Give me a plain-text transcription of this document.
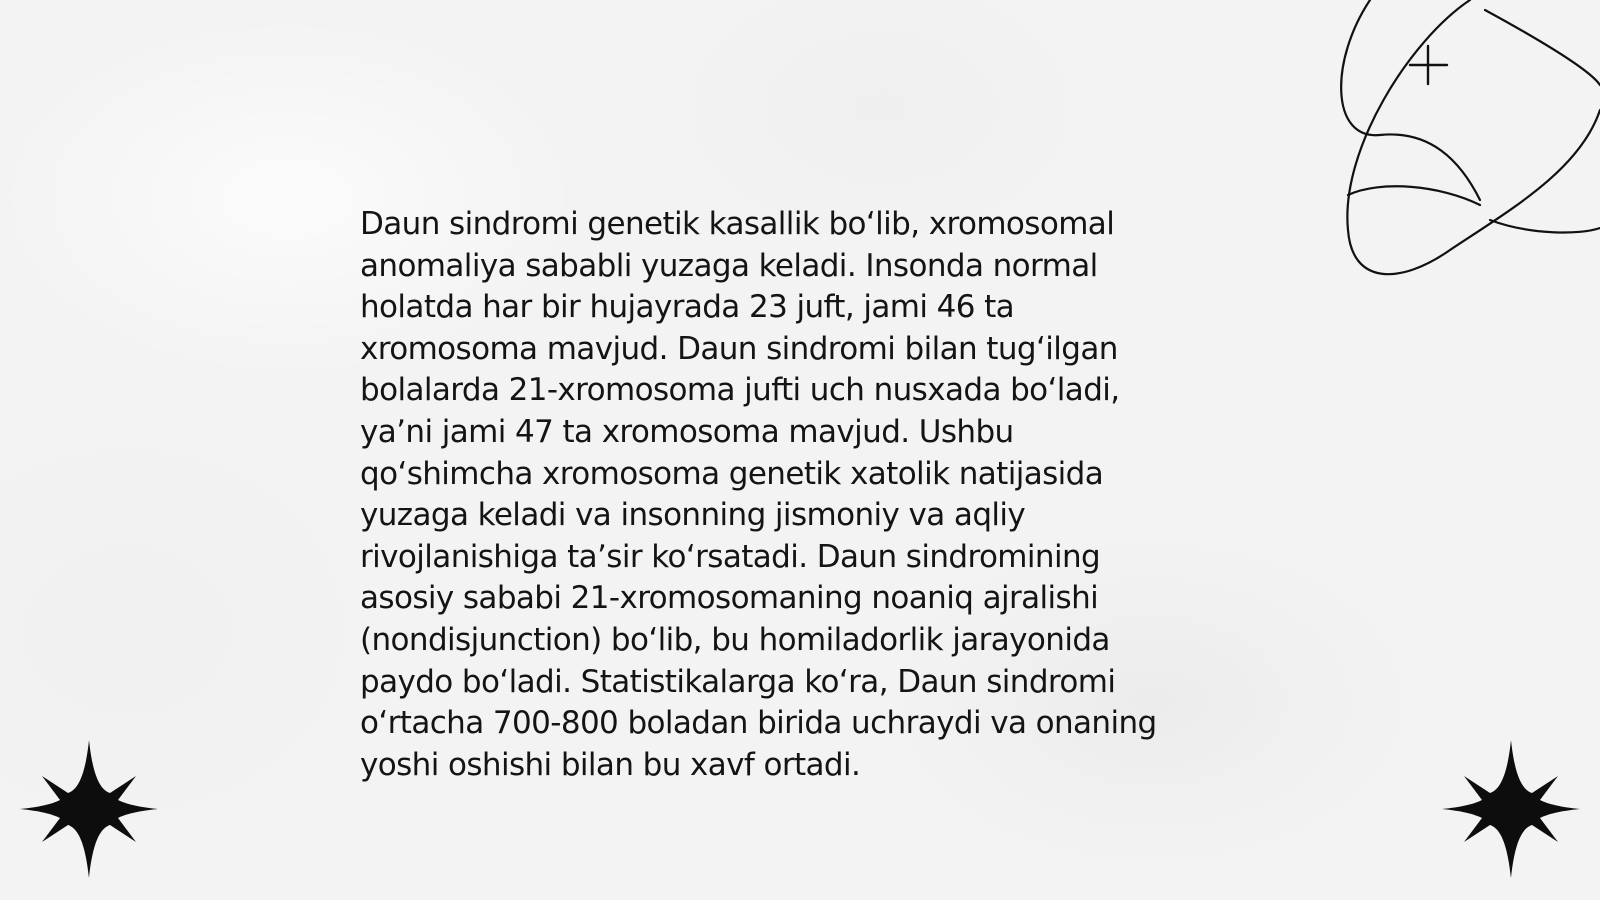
Daun sindromi genetik kasallik boʻlib, xromosomal
anomaliya sababli yuzaga keladi. Insonda normal
holatda har bir hujayrada 23 juft, jami 46 ta
xromosoma mavjud. Daun sindromi bilan tugʻilgan
bolalarda 21-xromosoma jufti uch nusxada boʻladi,
yaʼni jami 47 ta xromosoma mavjud. Ushbu
qoʻshimcha xromosoma genetik xatolik natijasida
yuzaga keladi va insonning jismoniy va aqliy
rivojlanishiga taʼsir koʻrsatadi. Daun sindromining
asosiy sababi 21-xromosomaning noaniq ajralishi
(nondisjunction) boʻlib, bu homiladorlik jarayonida
paydo boʻladi. Statistikalarga koʻra, Daun sindromi
oʻrtacha 700-800 boladan birida uchraydi va onaning
yoshi oshishi bilan bu xavf ortadi.
